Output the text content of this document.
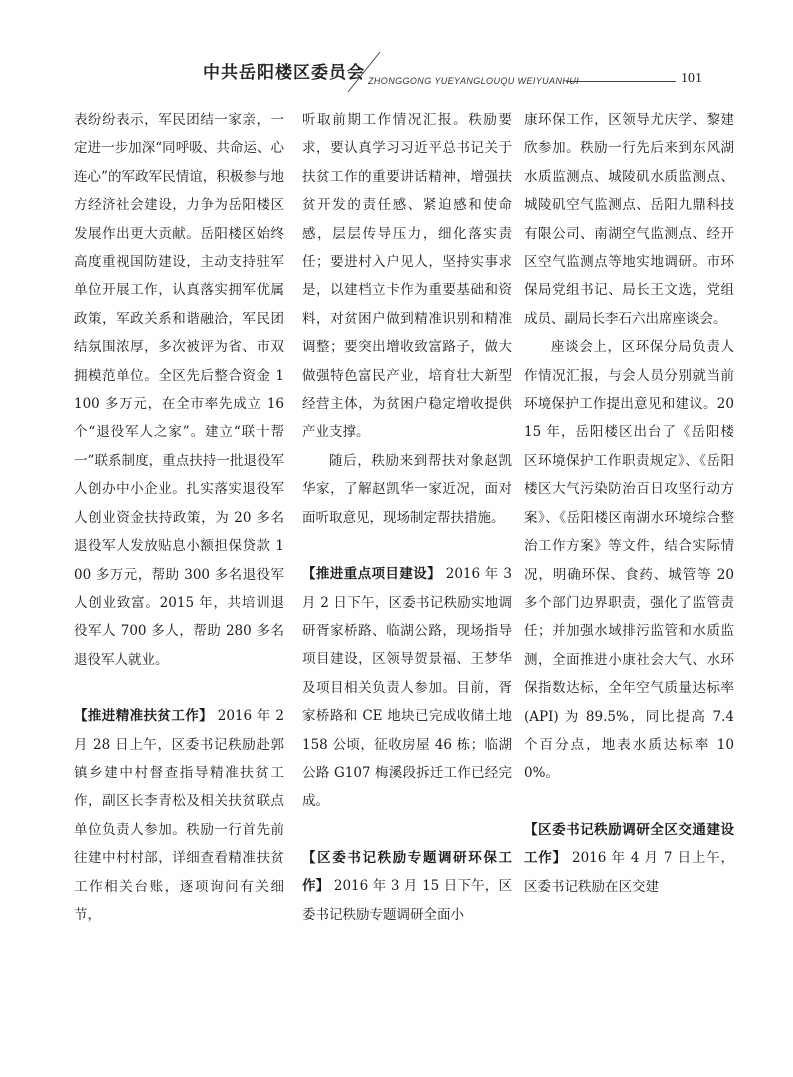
中共岳阳楼区委员会 ZHONGGONG YUEYANGLOUQU WEIYUANHUI	101

表纷纷表示，军民团结一家亲，一定进一步加深“同呼吸、共命运、心连心”的军政军民情谊，积极参与地方经济社会建设，力争为岳阳楼区发展作出更大贡献。岳阳楼区始终高度重视国防建设，主动支持驻军单位开展工作，认真落实拥军优属政策，军政关系和谐融洽，军民团结氛围浓厚，多次被评为省、市双拥模范单位。全区先后整合资金 1100 多万元，在全市率先成立 16 个“退役军人之家”。建立“联十帮一”联系制度，重点扶持一批退役军人创办中小企业。扎实落实退役军人创业资金扶持政策，为 20 多名退役军人发放贴息小额担保贷款 100 多万元，帮助 300 多名退役军人创业致富。2015 年，共培训退役军人 700 多人，帮助 280 多名退役军人就业。

【推进精准扶贫工作】 2016 年 2 月 28 日上午，区委书记秩励赴郭镇乡建中村督查指导精准扶贫工作，副区长李青松及相关扶贫联点单位负责人参加。秩励一行首先前往建中村村部，详细查看精准扶贫工作相关台账，逐项询问有关细节，

听取前期工作情况汇报。秩励要求，要认真学习习近平总书记关于扶贫工作的重要讲话精神，增强扶贫开发的责任感、紧迫感和使命感，层层传导压力，细化落实责任；要进村入户见人，坚持实事求是，以建档立卡作为重要基础和资料，对贫困户做到精准识别和精准调整；要突出增收致富路子，做大做强特色富民产业，培育壮大新型经营主体，为贫困户稳定增收提供产业支撑。

随后，秩励来到帮扶对象赵凯华家，了解赵凯华一家近况，面对面听取意见，现场制定帮扶措施。

【推进重点项目建设】 2016 年 3 月 2 日下午，区委书记秩励实地调研胥家桥路、临湖公路，现场指导项目建设，区领导贺景福、王梦华及项目相关负责人参加。目前，胥家桥路和 CE 地块已完成收储土地 158 公顷，征收房屋 46 栋；临湖公路 G107 梅溪段拆迁工作已经完成。

【区委书记秩励专题调研环保工作】 2016 年 3 月 15 日下午，区委书记秩励专题调研全面小

康环保工作，区领导尤庆学、黎建欣参加。秩励一行先后来到东风湖水质监测点、城陵矶水质监测点、城陵矶空气监测点、岳阳九鼎科技有限公司、南湖空气监测点、经开区空气监测点等地实地调研。市环保局党组书记、局长王文选，党组成员、副局长李石六出席座谈会。

座谈会上，区环保分局负责人作情况汇报，与会人员分别就当前环境保护工作提出意见和建议。2015 年，岳阳楼区出台了《岳阳楼区环境保护工作职责规定》、《岳阳楼区大气污染防治百日攻坚行动方案》、《岳阳楼区南湖水环境综合整治工作方案》等文件，结合实际情况，明确环保、食药、城管等 20 多个部门边界职责，强化了监管责任；并加强水域排污监管和水质监测，全面推进小康社会大气、水环保指数达标，全年空气质量达标率 (API) 为 89.5%，同比提高 7.4 个百分点，地表水质达标率 100%。

【区委书记秩励调研全区交通建设工作】 2016 年 4 月 7 日上午，区委书记秩励在区交建
